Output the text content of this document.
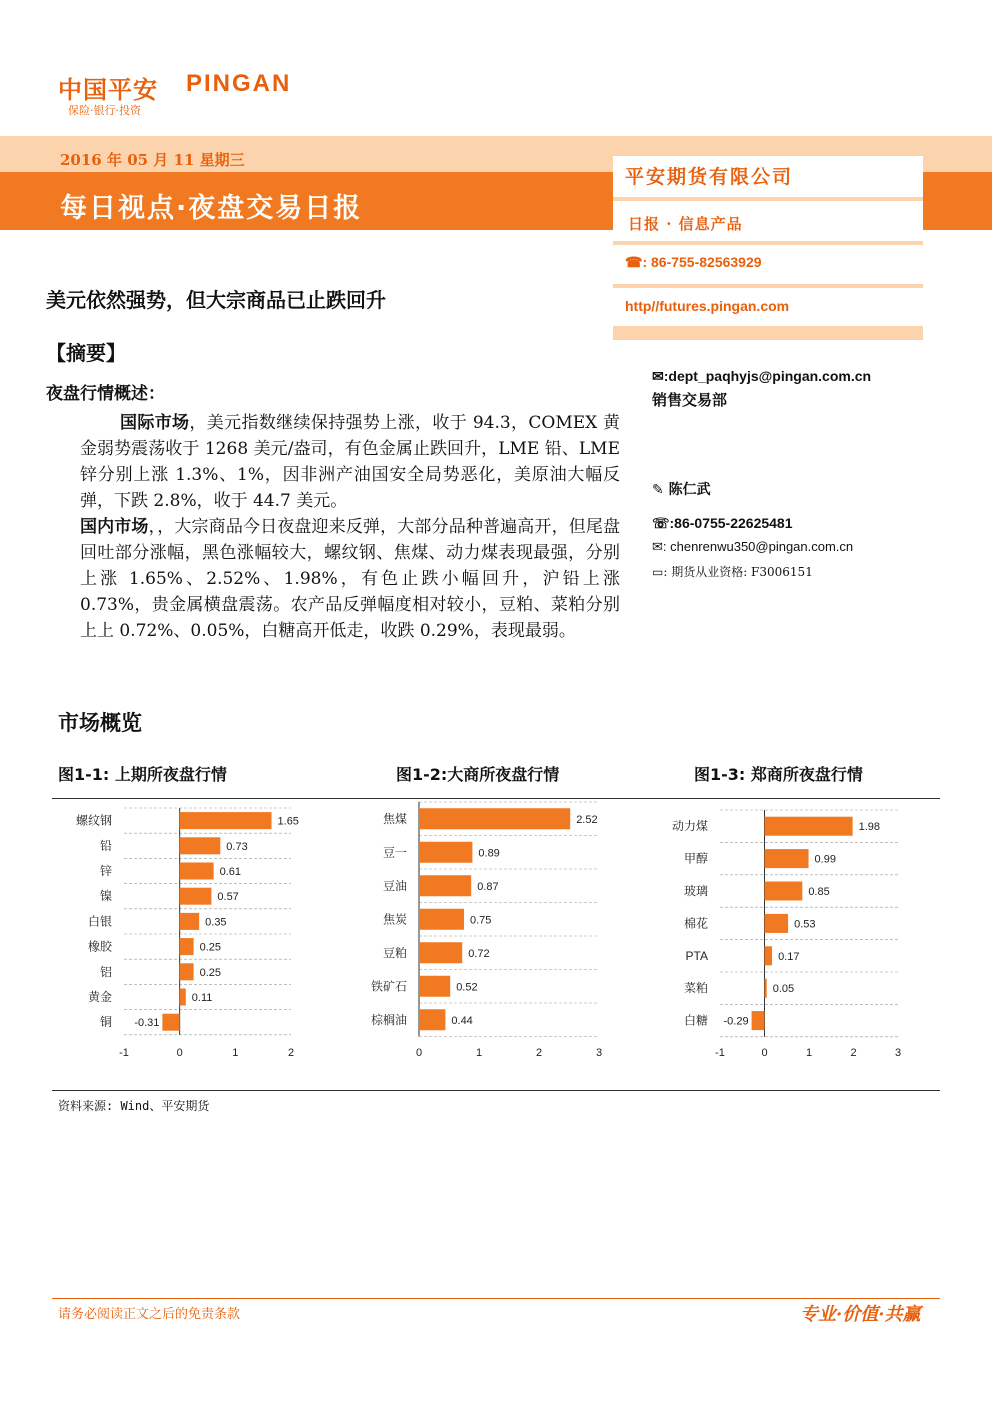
中国平安 PINGAN
保险·银行·投资
2016 年 05 月 11 星期三
每日视点·夜盘交易日报
平安期货有限公司
日报 · 信息产品
☎: 86-755-82563929
http//futures.pingan.com
✉:dept_paqhyjs@pingan.com.cn
销售交易部
✎ 陈仁武
☏:86-0755-22625481
✉: chenrenwu350@pingan.com.cn
▭: 期货从业资格: F3006151
美元依然强势，但大宗商品已止跌回升
【摘要】
夜盘行情概述：

国际市场，美元指数继续保持强势上涨，收于 94.3，COMEX 黄金弱势震荡收于 1268 美元/盎司，有色金属止跌回升，LME 铅、LME 锌分别上涨 1.3%、1%，因非洲产油国安全局势恶化，美原油大幅反弹，下跌 2.8%，收于 44.7 美元。

国内市场，，大宗商品今日夜盘迎来反弹，大部分品种普遍高开，但尾盘回吐部分涨幅，黑色涨幅较大，螺纹钢、焦煤、动力煤表现最强，分别上涨 1.65%、2.52%、1.98%，有色止跌小幅回升，沪铅上涨 0.73%，贵金属横盘震荡。农产品反弹幅度相对较小，豆粕、菜粕分别上上 0.72%、0.05%，白糖高开低走，收跌 0.29%，表现最弱。

市场概览
图1-1: 上期所夜盘行情	图1-2:大商所夜盘行情	图1-3: 郑商所夜盘行情
螺纹钢	1.65
铅	0.73
锌	0.61
镍	0.57
白银	0.35
橡胶	0.25
铝	0.25
黄金	0.11
铜 -0.31
-1	0	1	2
焦煤	2.52
豆一	0.89
豆油	0.87
焦炭	0.75
豆粕	0.72
铁矿石	0.52
棕榈油	0.44
0	1	2	3
动力煤	1.98
甲醇	0.99
玻璃	0.85
棉花	0.53
PTA	0.17
菜粕	0.05
白糖 -0.29
-1	0	1	2	3
资料来源: Wind、平安期货
请务必阅读正文之后的免责条款	专业·价值·共赢
